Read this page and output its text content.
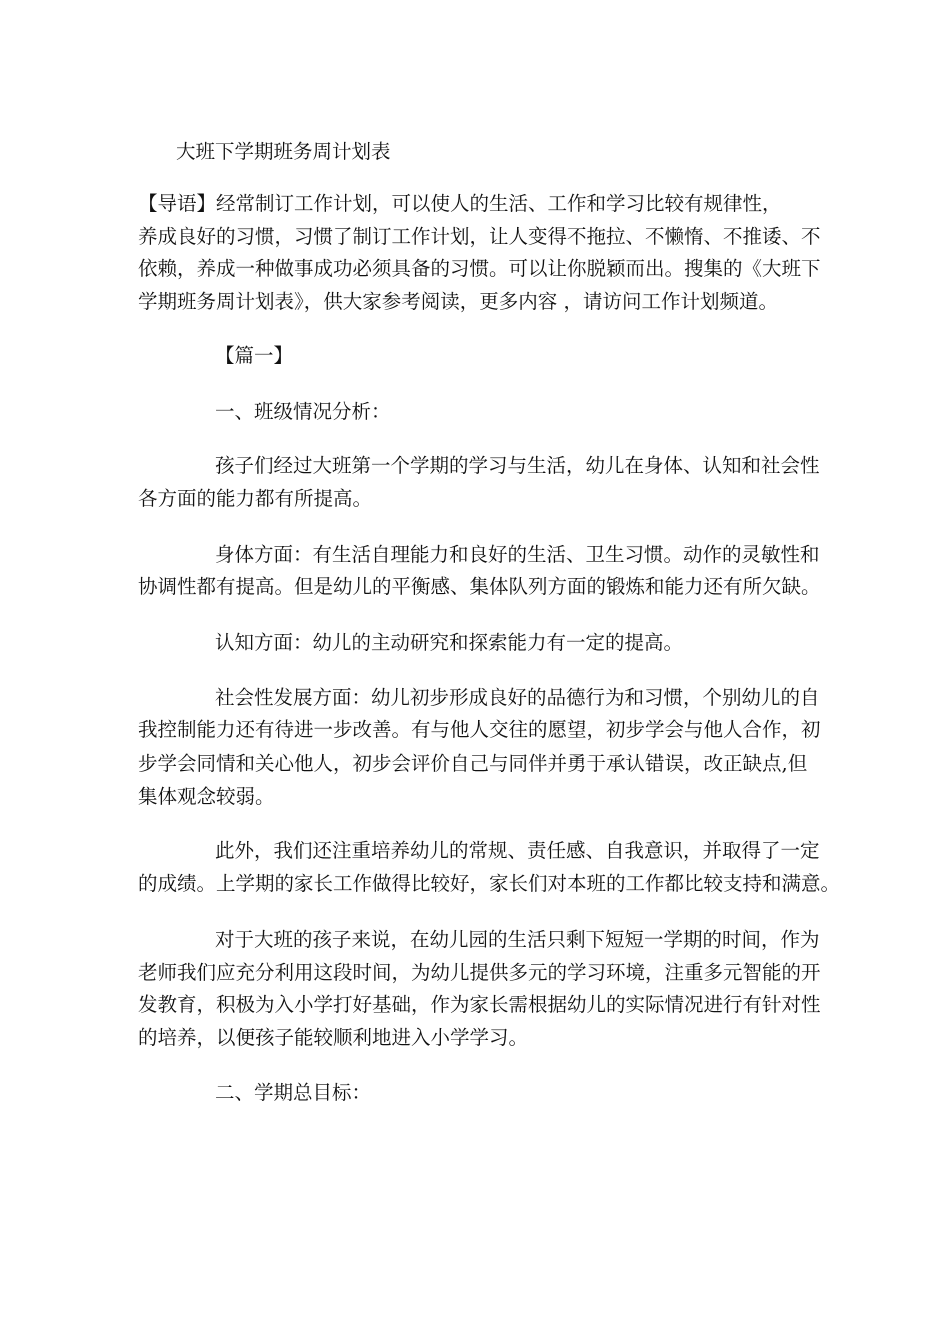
大班下学期班务周计划表
【导语】经常制订工作计划，可以使人的生活、工作和学习比较有规律性，
养成良好的习惯，习惯了制订工作计划，让人变得不拖拉、不懒惰、不推诿、不
依赖，养成一种做事成功必须具备的习惯。可以让你脱颖而出。搜集的《大班下
学期班务周计划表》，供大家参考阅读，更多内容 ，请访问工作计划频道。
【篇一】
一、班级情况分析：
孩子们经过大班第一个学期的学习与生活，幼儿在身体、认知和社会性
各方面的能力都有所提高。
身体方面：有生活自理能力和良好的生活、卫生习惯。动作的灵敏性和
协调性都有提高。但是幼儿的平衡感、集体队列方面的锻炼和能力还有所欠缺。
认知方面：幼儿的主动研究和探索能力有一定的提高。
社会性发展方面：幼儿初步形成良好的品德行为和习惯，个别幼儿的自
我控制能力还有待进一步改善。有与他人交往的愿望，初步学会与他人合作，初
步学会同情和关心他人，初步会评价自己与同伴并勇于承认错误，改正缺点,但
集体观念较弱。
此外，我们还注重培养幼儿的常规、责任感、自我意识，并取得了一定
的成绩。上学期的家长工作做得比较好，家长们对本班的工作都比较支持和满意。
对于大班的孩子来说，在幼儿园的生活只剩下短短一学期的时间，作为
老师我们应充分利用这段时间，为幼儿提供多元的学习环境，注重多元智能的开
发教育，积极为入小学打好基础，作为家长需根据幼儿的实际情况进行有针对性
的培养，以便孩子能较顺利地进入小学学习。
二、学期总目标：
